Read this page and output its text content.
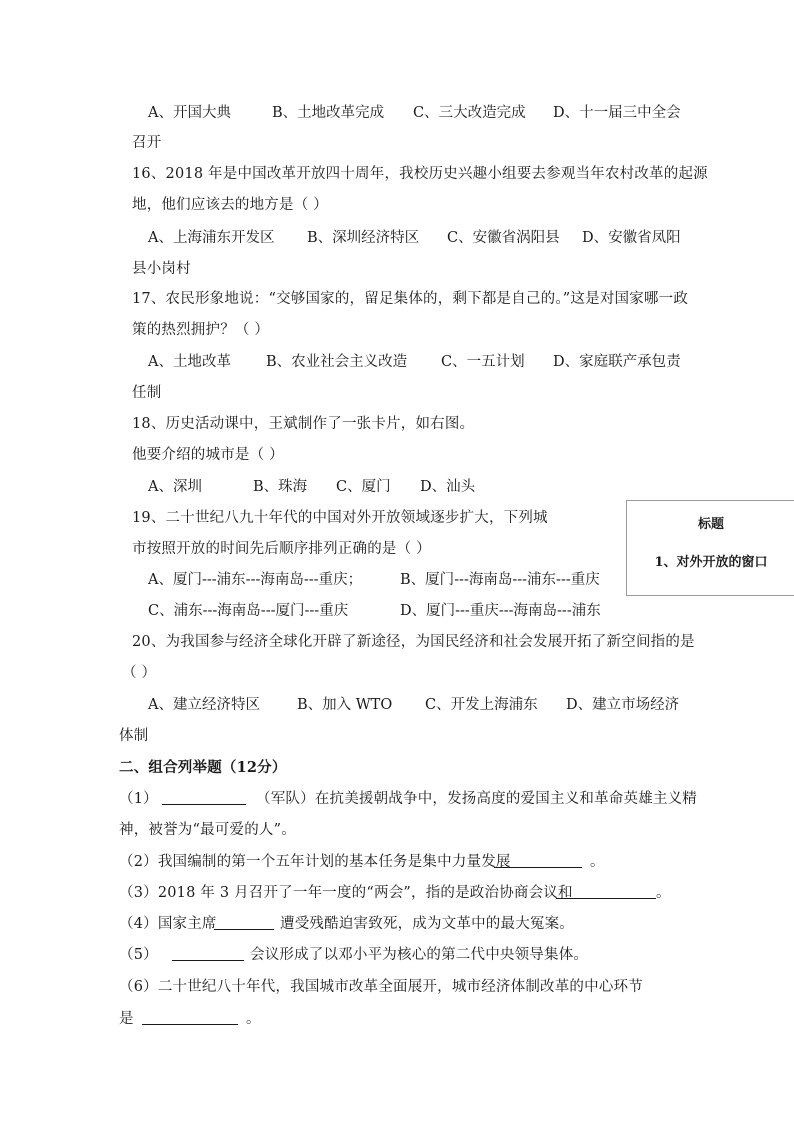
A、开国大典	B、土地改革完成 C、三大改造完成 D、十一届三中全会
召开
16、2018 年是中国改革开放四十周年，我校历史兴趣小组要去参观当年农村改革的起源
地，他们应该去的地方是（ ）
A、上海浦东开发区 B、深圳经济特区 C、安徽省涡阳县 D、安徽省凤阳
县小岗村
17、农民形象地说：“交够国家的，留足集体的，剩下都是自己的。”这是对国家哪一政
策的热烈拥护？（ ）
A、土地改革 B、农业社会主义改造 C、一五计划 D、家庭联产承包责
任制
18、历史活动课中，王斌制作了一张卡片，如右图。
他要介绍的城市是（ ）
A、深圳	B、珠海 C、厦门 D、汕头
标题
1、对外开放的窗口
19、二十世纪八九十年代的中国对外开放领域逐步扩大，下列城
市按照开放的时间先后顺序排列正确的是（ ）
A、厦门---浦东---海南岛---重庆；	B、厦门---海南岛---浦东---重庆
C、浦东---海南岛---厦门---重庆	D、厦门---重庆---海南岛---浦东
20、为我国参与经济全球化开辟了新途径，为国民经济和社会发展开拓了新空间指的是
（ ）
A、建立经济特区	B、加入 WTO C、开发上海浦东 D、建立市场经济
体制
二、组合列举题（12分）
（1）	（军队）在抗美援朝战争中，发扬高度的爱国主义和革命英雄主义精
神，被誉为“最可爱的人”。
（2）我国编制的第一个五年计划的基本任务是集中力量发展	。
（3）2018 年 3 月召开了一年一度的“两会”，指的是政治协商会议和	。
（4）国家主席	遭受残酷迫害致死，成为文革中的最大冤案。
（5）	会议形成了以邓小平为核心的第二代中央领导集体。
（6）二十世纪八十年代，我国城市改革全面展开，城市经济体制改革的中心环节
是	。
